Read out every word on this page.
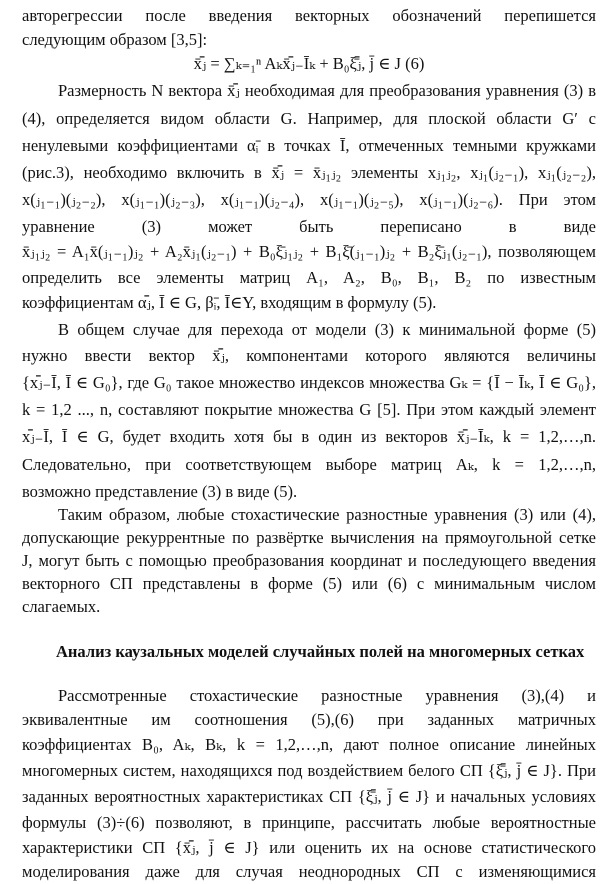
авторегрессии после введения векторных обозначений перепишется
следующим образом [3,5]:
x̄ⱼ̄ = ∑ₖ₌₁ⁿ Aₖx̄ⱼ̄₋Ī​ₖ + B₀ξ̄ⱼ̄, j̄ ∈ J (6)
Размерность N вектора x̄ⱼ̄ необходимая для преобразования уравнения (3) в
(4), определяется видом области G. Например, для плоской области G′ с
ненулевыми коэффициентами αᵢ̄ в точках Ī, отмеченных темными кружками
(рис.3), необходимо включить в x̄ⱼ̄ = x̄ⱼ₁ⱼ₂ элементы xⱼ₁ⱼ₂, xⱼ₁(ⱼ₂₋₁), xⱼ₁(ⱼ₂₋₂),
x(ⱼ₁₋₁)(ⱼ₂₋₂), x(ⱼ₁₋₁)(ⱼ₂₋₃), x(ⱼ₁₋₁)(ⱼ₂₋₄), x(ⱼ₁₋₁)(ⱼ₂₋₅), x(ⱼ₁₋₁)(ⱼ₂₋₆). При этом
уравнение (3) может быть переписано в виде
x̄ⱼ₁ⱼ₂ = A₁x̄(ⱼ₁₋₁)ⱼ₂ + A₂x̄ⱼ₁(ⱼ₂₋₁) + B₀ξ̄ⱼ₁ⱼ₂ + B₁ξ̄(ⱼ₁₋₁)ⱼ₂ + B₂ξ̄ⱼ₁(ⱼ₂₋₁), позволяющем
определить все элементы матриц A₁, A₂, B₀, B₁, B₂ по известным
коэффициентам αⱼ̄, Ī ∈ G, βᵢ̄, Ī∈Y, входящим в формулу (5).
В общем случае для перехода от модели (3) к минимальной форме (5)
нужно ввести вектор x̄ⱼ̄, компонентами которого являются величины
{xⱼ̄₋Ī, Ī ∈ G₀}, где G₀ такое множество индексов множества Gₖ = {Ī − Īₖ, Ī ∈ G₀},
k = 1,2 ..., n, составляют покрытие множества G [5]. При этом каждый элемент
xⱼ̄₋Ī, Ī ∈ G, будет входить хотя бы в один из векторов x̄ⱼ̄₋Īₖ, k = 1,2,…,n.
Следовательно, при соответствующем выборе матриц Aₖ, k = 1,2,…,n,
возможно представление (3) в виде (5).
Таким образом, любые стохастические разностные уравнения (3) или (4),
допускающие рекуррентные по развёртке вычисления на прямоугольной сетке
J, могут быть с помощью преобразования координат и последующего введения
векторного СП представлены в форме (5) или (6) с минимальным числом
слагаемых.
Анализ каузальных моделей случайных полей на многомерных сетках
Рассмотренные стохастические разностные уравнения (3),(4) и
эквивалентные им соотношения (5),(6) при заданных матричных
коэффициентах B₀, Aₖ, Bₖ, k = 1,2,…,n, дают полное описание линейных
многомерных систем, находящихся под воздействием белого СП {ξ̄ⱼ̄, j̄ ∈ J}. При
заданных вероятностных характеристиках СП {ξ̄ⱼ̄, j̄ ∈ J} и начальных условиях
формулы (3)÷(6) позволяют, в принципе, рассчитать любые вероятностные
характеристики СП {x̄ⱼ̄, j̄ ∈ J} или оценить их на основе статистического
моделирования даже для случая неоднородных СП с изменяющимися
